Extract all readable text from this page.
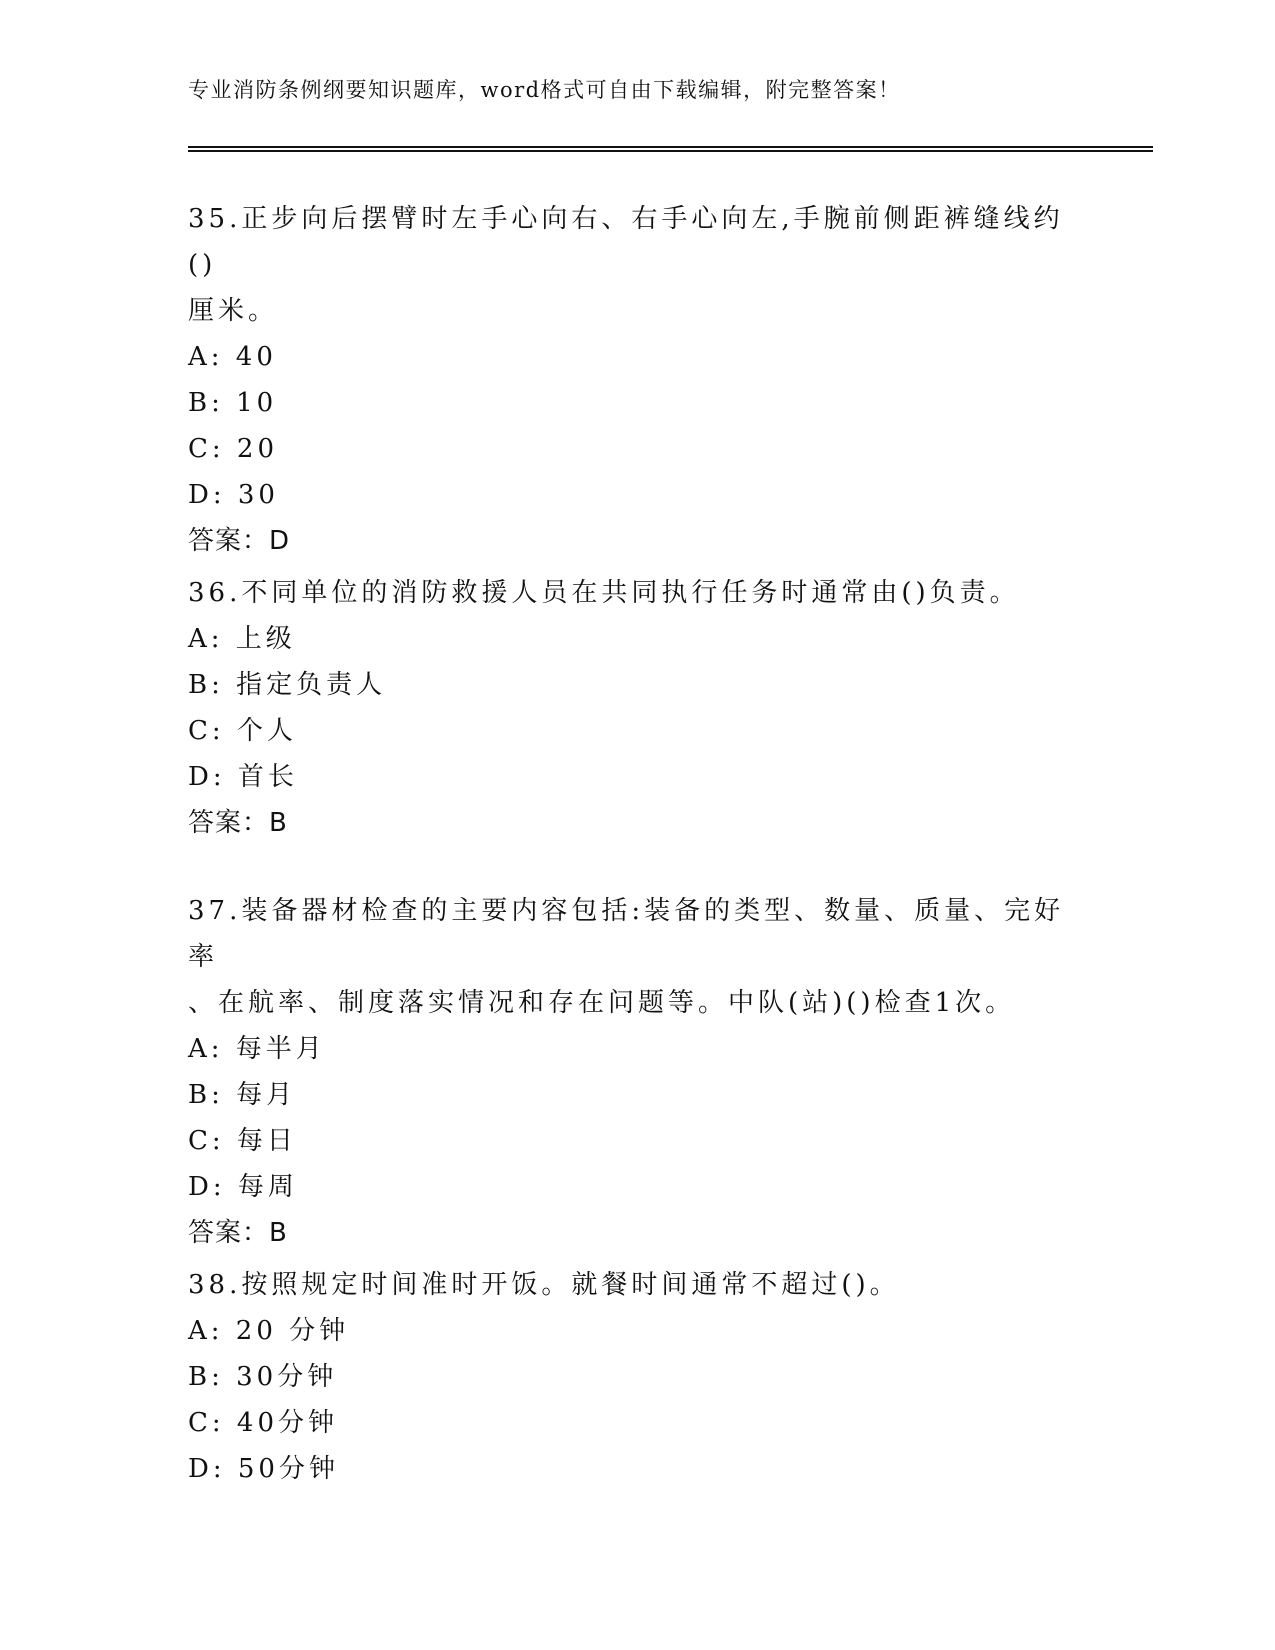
专业消防条例纲要知识题库，word格式可自由下载编辑，附完整答案！

35.正步向后摆臂时左手心向右、右手心向左,手腕前侧距裤缝线约()

厘米。

A: 40

B: 10

C: 20

D: 30

答案：D

36.不同单位的消防救援人员在共同执行任务时通常由()负责。

A: 上级

B: 指定负责人

C: 个人

D: 首长

答案：B

37.装备器材检查的主要内容包括:装备的类型、数量、质量、完好率

、在航率、制度落实情况和存在问题等。中队(站)()检查1次。

A: 每半月

B: 每月

C: 每日

D: 每周

答案：B

38.按照规定时间准时开饭。就餐时间通常不超过()。

A: 20 分钟

B: 30分钟

C: 40分钟

D: 50分钟
